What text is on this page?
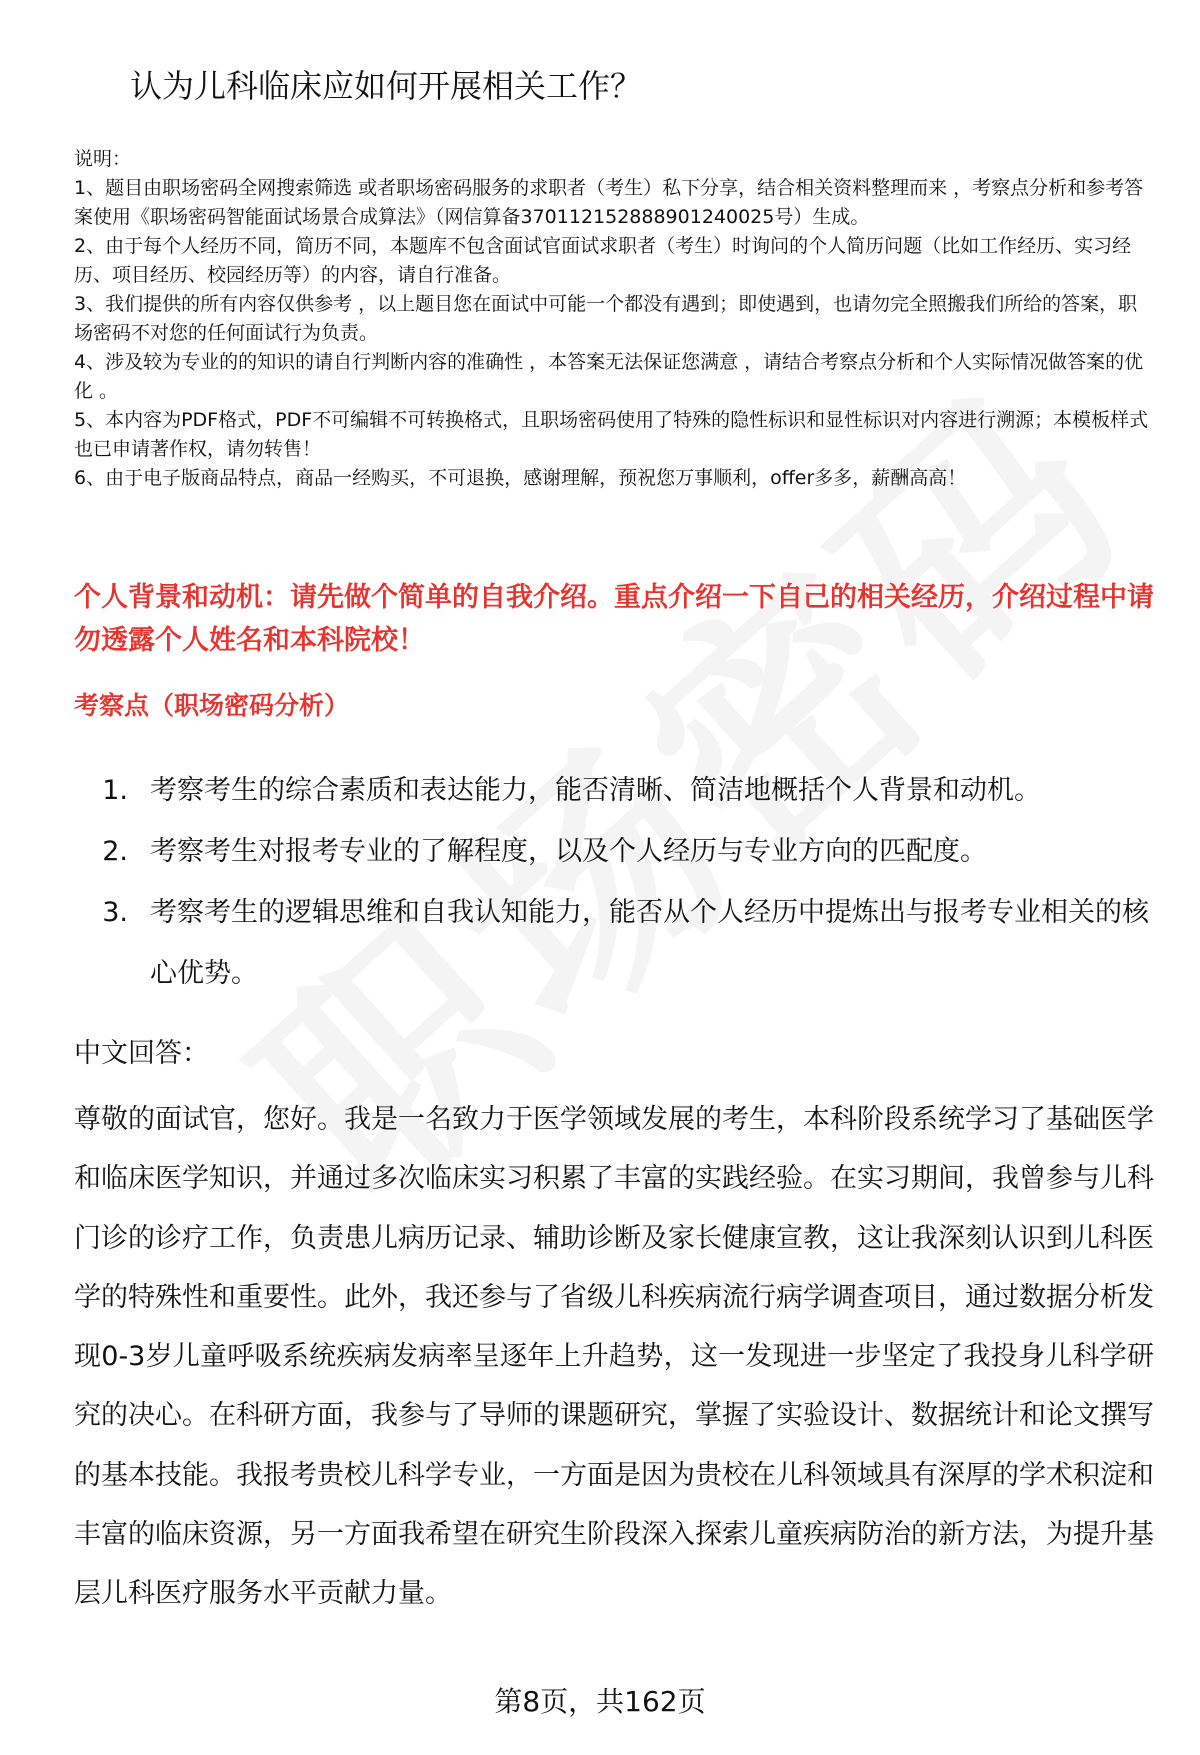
认为儿科临床应如何开展相关工作？

说明：

1、题目由职场密码全网搜索筛选 或者职场密码服务的求职者（考生）私下分享，结合相关资料整理而来 ，考察点分析和参考答案使用《职场密码智能面试场景合成算法》（网信算备370112152888901240025号）生成。

2、由于每个人经历不同，简历不同，本题库不包含面试官面试求职者（考生）时询问的个人简历问题（比如工作经历、实习经历、项目经历、校园经历等）的内容，请自行准备。

3、我们提供的所有内容仅供参考 ，以上题目您在面试中可能一个都没有遇到；即使遇到，也请勿完全照搬我们所给的答案，职场密码不对您的任何面试行为负责。

4、涉及较为专业的的知识的请自行判断内容的准确性 ，本答案无法保证您满意 ，请结合考察点分析和个人实际情况做答案的优化 。

5、本内容为PDF格式，PDF不可编辑不可转换格式，且职场密码使用了特殊的隐性标识和显性标识对内容进行溯源；本模板样式也已申请著作权，请勿转售！

6、由于电子版商品特点，商品一经购买，不可退换，感谢理解，预祝您万事顺利，offer多多，薪酬高高！

个人背景和动机：请先做个简单的自我介绍。重点介绍一下自己的相关经历，介绍过程中请勿透露个人姓名和本科院校！
考察点（职场密码分析）
1. 考察考生的综合素质和表达能力，能否清晰、简洁地概括个人背景和动机。
2. 考察考生对报考专业的了解程度，以及个人经历与专业方向的匹配度。
3. 考察考生的逻辑思维和自我认知能力，能否从个人经历中提炼出与报考专业相关的核心优势。
中文回答：
尊敬的面试官，您好。我是一名致力于医学领域发展的考生，本科阶段系统学习了基础医学和临床医学知识，并通过多次临床实习积累了丰富的实践经验。在实习期间，我曾参与儿科门诊的诊疗工作，负责患儿病历记录、辅助诊断及家长健康宣教，这让我深刻认识到儿科医学的特殊性和重要性。此外，我还参与了省级儿科疾病流行病学调查项目，通过数据分析发现0-3岁儿童呼吸系统疾病发病率呈逐年上升趋势，这一发现进一步坚定了我投身儿科学研究的决心。在科研方面，我参与了导师的课题研究，掌握了实验设计、数据统计和论文撰写的基本技能。我报考贵校儿科学专业，一方面是因为贵校在儿科领域具有深厚的学术积淀和丰富的临床资源，另一方面我希望在研究生阶段深入探索儿童疾病防治的新方法，为提升基层儿科医疗服务水平贡献力量。
第8页，共162页
